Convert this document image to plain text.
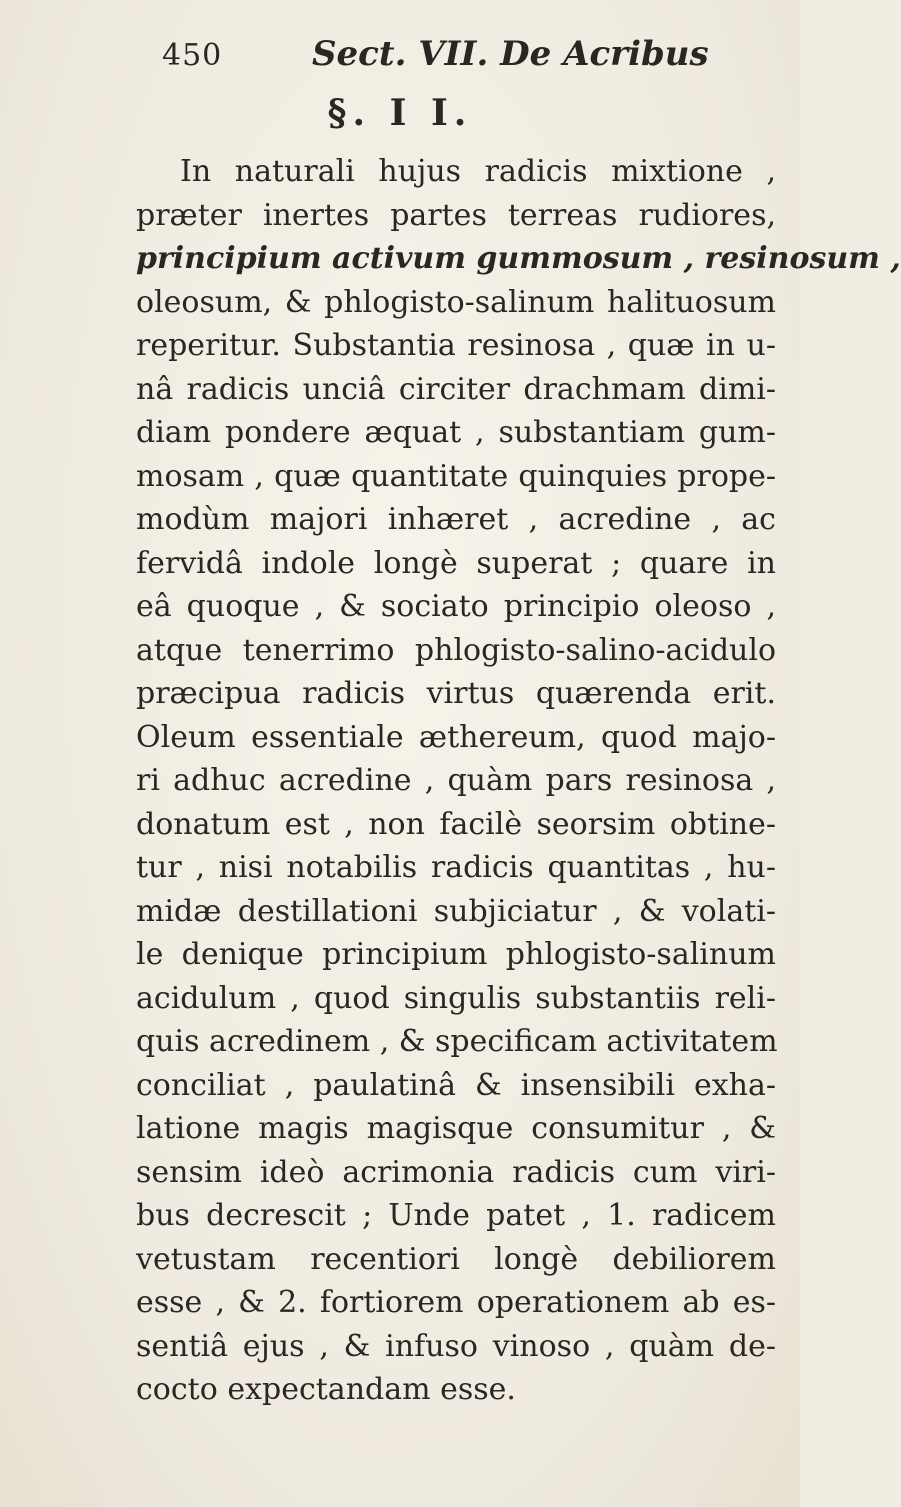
450	Sect. VII. De Acribus
§. I I.
In naturali hujus radicis mixtione ,
præter inertes partes terreas rudiores,
principium activum gummosum , resinosum ,
oleosum, & phlogisto-salinum halituosum
reperitur. Substantia resinosa , quæ in u-
nâ radicis unciâ circiter drachmam dimi-
diam pondere æquat , substantiam gum-
mosam , quæ quantitate quinquies prope-
modùm majori inhæret , acredine , ac
fervidâ indole longè superat ; quare in
eâ quoque , & sociato principio oleoso ,
atque tenerrimo phlogisto-salino-acidulo
præcipua radicis virtus quærenda erit.
Oleum essentiale æthereum, quod majo-
ri adhuc acredine , quàm pars resinosa ,
donatum est , non facilè seorsim obtine-
tur , nisi notabilis radicis quantitas , hu-
midæ destillationi subjiciatur , & volati-
le denique principium phlogisto-salinum
acidulum , quod singulis substantiis reli-
quis acredinem , & specificam activitatem
conciliat , paulatinâ & insensibili exha-
latione magis magisque consumitur , &
sensim ideò acrimonia radicis cum viri-
bus decrescit ; Unde patet , 1. radicem
vetustam recentiori longè debiliorem
esse , & 2. fortiorem operationem ab es-
sentiâ ejus , & infuso vinoso , quàm de-
cocto expectandam esse.
